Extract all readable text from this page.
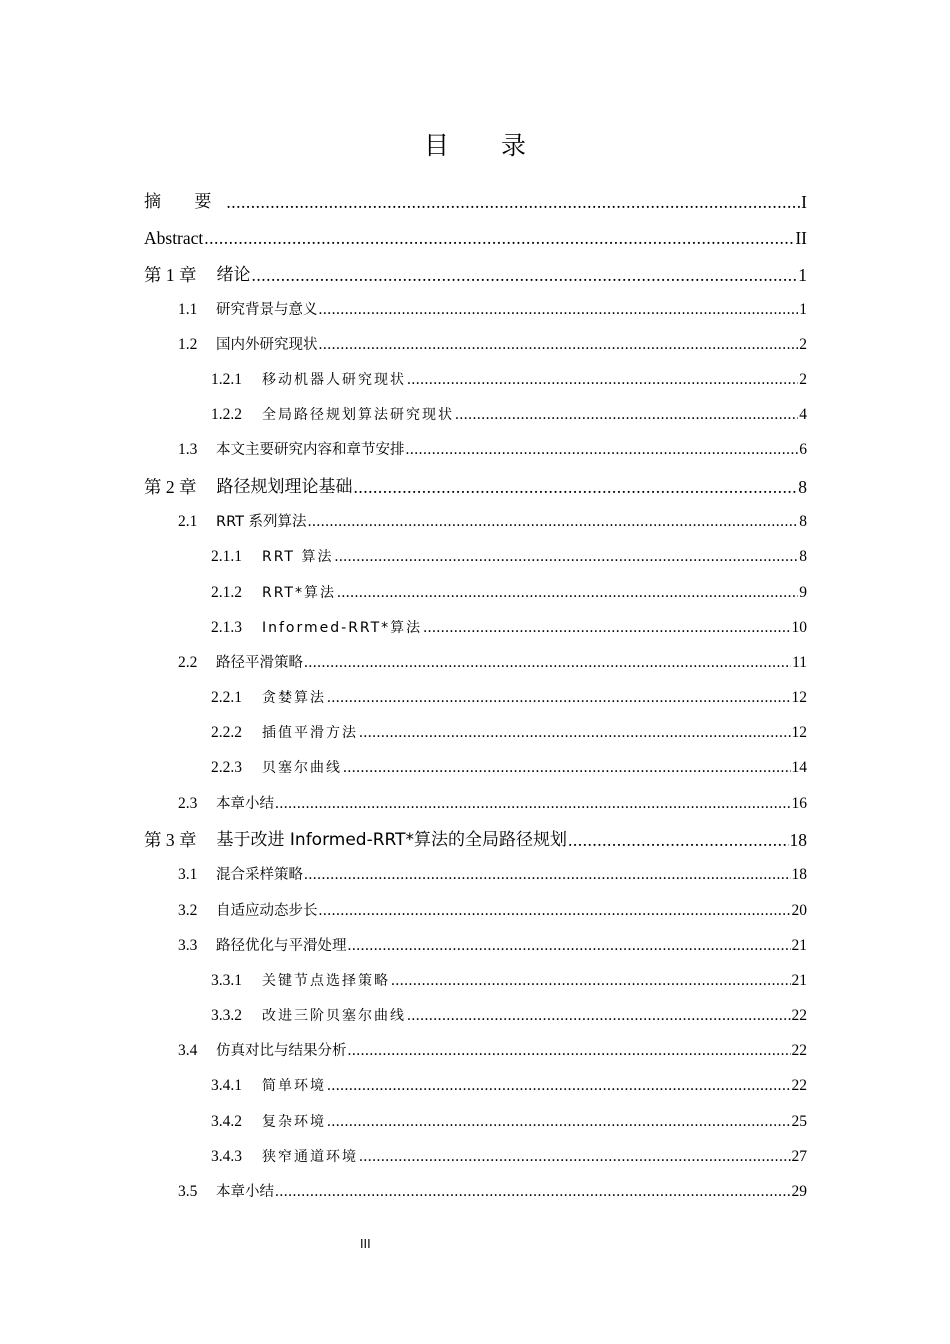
目 录
摘 要 .....	I
Abstract .....	II
第 1 章	绪论 .....	1
1.1	研究背景与意义 .....	1
1.2	国内外研究现状 .....	2
1.2.1	移动机器人研究现状 .....	2
1.2.2	全局路径规划算法研究现状 .....	4
1.3	本文主要研究内容和章节安排 .....	6
第 2 章	路径规划理论基础 .....	8
2.1	RRT 系列算法 .....	8
2.1.1	RRT 算法 .....	8
2.1.2	RRT*算法 .....	9
2.1.3	Informed-RRT*算法 .....	10
2.2	路径平滑策略 .....	11
2.2.1	贪婪算法 .....	12
2.2.2	插值平滑方法 .....	12
2.2.3	贝塞尔曲线 .....	14
2.3	本章小结 .....	16
第 3 章	基于改进 Informed-RRT*算法的全局路径规划 .....	18
3.1	混合采样策略 .....	18
3.2	自适应动态步长 .....	20
3.3	路径优化与平滑处理 .....	21
3.3.1	关键节点选择策略 .....	21
3.3.2	改进三阶贝塞尔曲线 .....	22
3.4	仿真对比与结果分析 .....	22
3.4.1	简单环境 .....	22
3.4.2	复杂环境 .....	25
3.4.3	狭窄通道环境 .....	27
3.5	本章小结 .....	29
III
